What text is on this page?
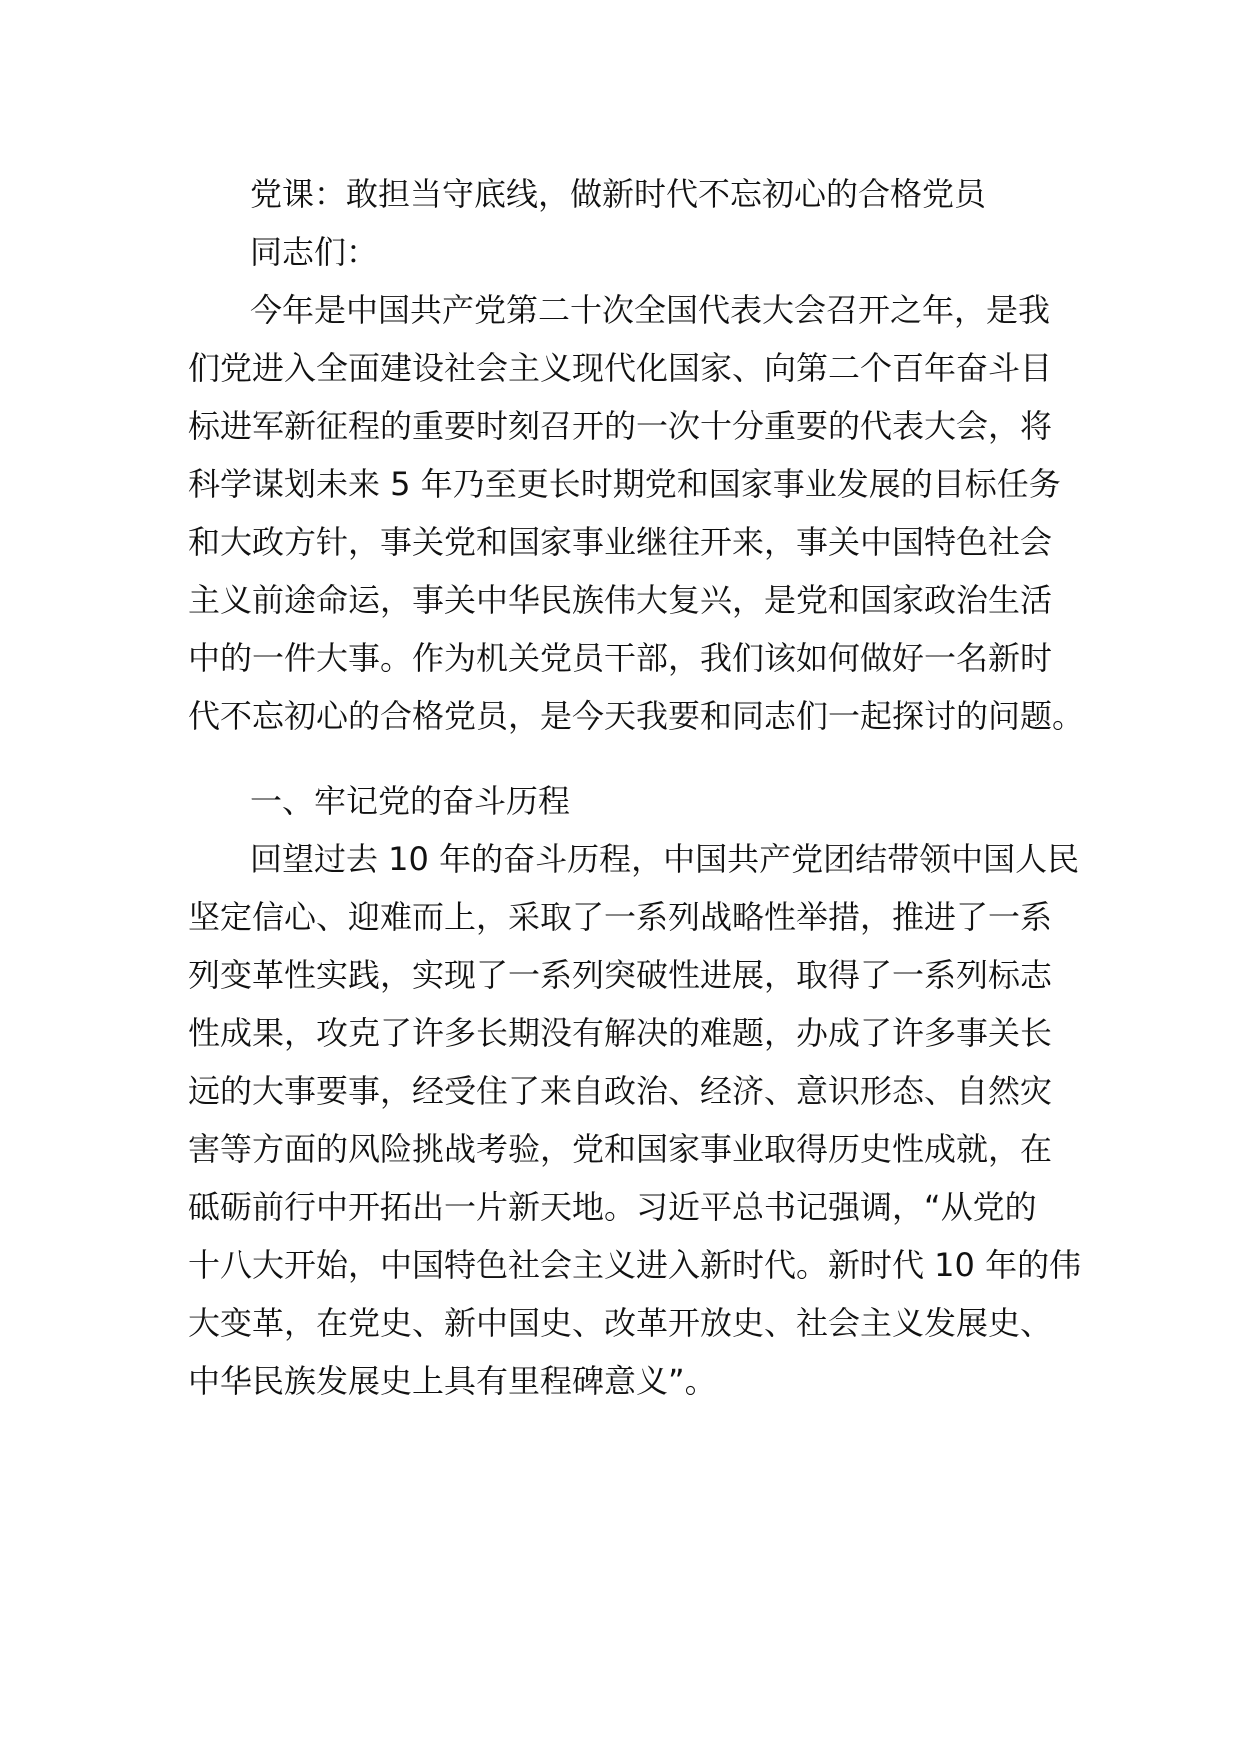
党课：敢担当守底线，做新时代不忘初心的合格党员
同志们：
今年是中国共产党第二十次全国代表大会召开之年，是我
们党进入全面建设社会主义现代化国家、向第二个百年奋斗目
标进军新征程的重要时刻召开的一次十分重要的代表大会，将
科学谋划未来 5 年乃至更长时期党和国家事业发展的目标任务
和大政方针，事关党和国家事业继往开来，事关中国特色社会
主义前途命运，事关中华民族伟大复兴，是党和国家政治生活
中的一件大事。作为机关党员干部，我们该如何做好一名新时
代不忘初心的合格党员，是今天我要和同志们一起探讨的问题。
一、牢记党的奋斗历程
回望过去 10 年的奋斗历程，中国共产党团结带领中国人民
坚定信心、迎难而上，采取了一系列战略性举措，推进了一系
列变革性实践，实现了一系列突破性进展，取得了一系列标志
性成果，攻克了许多长期没有解决的难题，办成了许多事关长
远的大事要事，经受住了来自政治、经济、意识形态、自然灾
害等方面的风险挑战考验，党和国家事业取得历史性成就，在
砥砺前行中开拓出一片新天地。习近平总书记强调，“从党的
十八大开始，中国特色社会主义进入新时代。新时代 10 年的伟
大变革，在党史、新中国史、改革开放史、社会主义发展史、
中华民族发展史上具有里程碑意义”。
